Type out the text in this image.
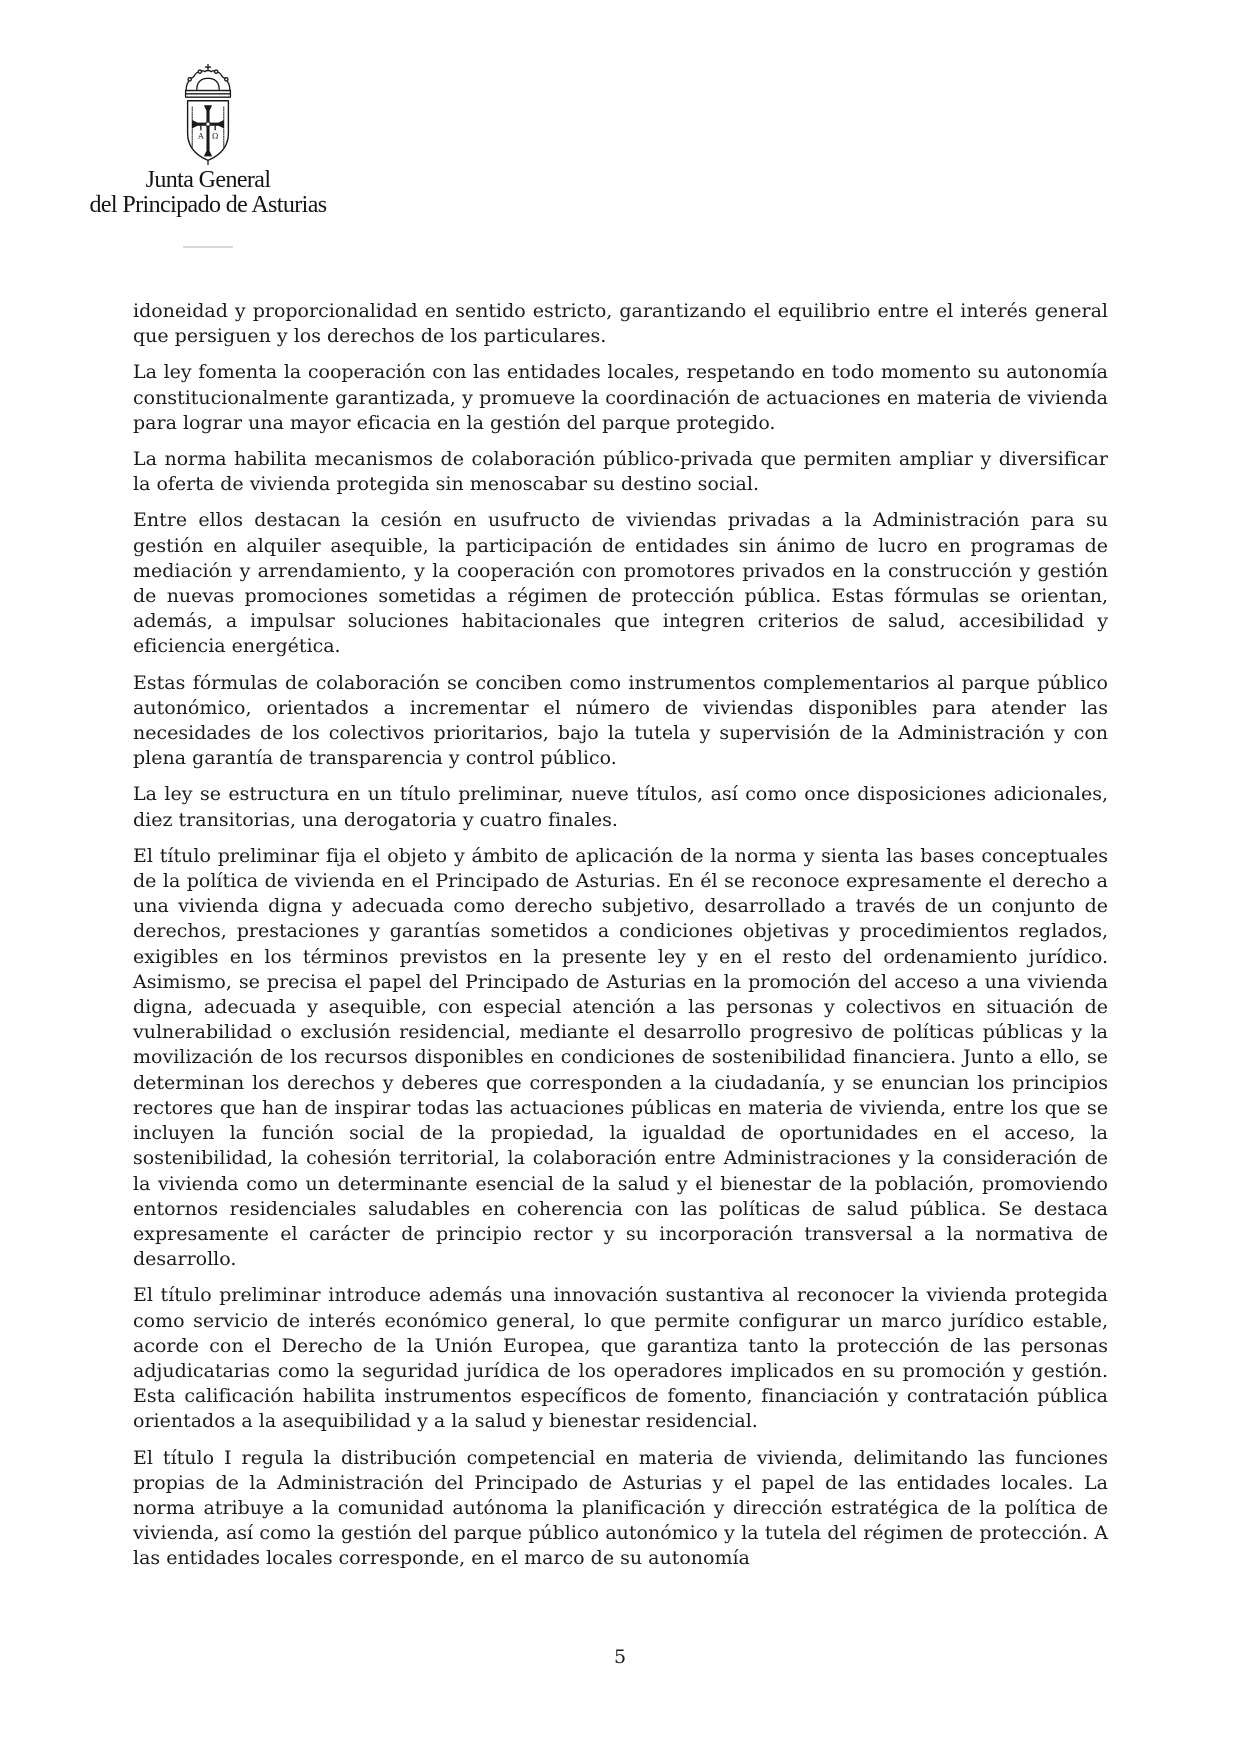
Α Ω
Junta General
del Principado de Asturias

idoneidad y proporcionalidad en sentido estricto, garantizando el equilibrio entre el interés general que persiguen y los derechos de los particulares.

La ley fomenta la cooperación con las entidades locales, respetando en todo momento su autonomía constitucionalmente garantizada, y promueve la coordinación de actuaciones en materia de vivienda para lograr una mayor eficacia en la gestión del parque protegido.

La norma habilita mecanismos de colaboración público-privada que permiten ampliar y diversificar la oferta de vivienda protegida sin menoscabar su destino social.

Entre ellos destacan la cesión en usufructo de viviendas privadas a la Administración para su gestión en alquiler asequible, la participación de entidades sin ánimo de lucro en programas de mediación y arrendamiento, y la cooperación con promotores privados en la construcción y gestión de nuevas promociones sometidas a régimen de protección pública. Estas fórmulas se orientan, además, a impulsar soluciones habitacionales que integren criterios de salud, accesibilidad y eficiencia energética.

Estas fórmulas de colaboración se conciben como instrumentos complementarios al parque público autonómico, orientados a incrementar el número de viviendas disponibles para atender las necesidades de los colectivos prioritarios, bajo la tutela y supervisión de la Administración y con plena garantía de transparencia y control público.

La ley se estructura en un título preliminar, nueve títulos, así como once disposiciones adicionales, diez transitorias, una derogatoria y cuatro finales.

El título preliminar fija el objeto y ámbito de aplicación de la norma y sienta las bases conceptuales de la política de vivienda en el Principado de Asturias. En él se reconoce expresamente el derecho a una vivienda digna y adecuada como derecho subjetivo, desarrollado a través de un conjunto de derechos, prestaciones y garantías sometidos a condiciones objetivas y procedimientos reglados, exigibles en los términos previstos en la presente ley y en el resto del ordenamiento jurídico. Asimismo, se precisa el papel del Principado de Asturias en la promoción del acceso a una vivienda digna, adecuada y asequible, con especial atención a las personas y colectivos en situación de vulnerabilidad o exclusión residencial, mediante el desarrollo progresivo de políticas públicas y la movilización de los recursos disponibles en condiciones de sostenibilidad financiera. Junto a ello, se determinan los derechos y deberes que corresponden a la ciudadanía, y se enuncian los principios rectores que han de inspirar todas las actuaciones públicas en materia de vivienda, entre los que se incluyen la función social de la propiedad, la igualdad de oportunidades en el acceso, la sostenibilidad, la cohesión territorial, la colaboración entre Administraciones y la consideración de la vivienda como un determinante esencial de la salud y el bienestar de la población, promoviendo entornos residenciales saludables en coherencia con las políticas de salud pública. Se destaca expresamente el carácter de principio rector y su incorporación transversal a la normativa de desarrollo.

El título preliminar introduce además una innovación sustantiva al reconocer la vivienda protegida como servicio de interés económico general, lo que permite configurar un marco jurídico estable, acorde con el Derecho de la Unión Europea, que garantiza tanto la protección de las personas adjudicatarias como la seguridad jurídica de los operadores implicados en su promoción y gestión. Esta calificación habilita instrumentos específicos de fomento, financiación y contratación pública orientados a la asequibilidad y a la salud y bienestar residencial.

El título I regula la distribución competencial en materia de vivienda, delimitando las funciones propias de la Administración del Principado de Asturias y el papel de las entidades locales. La norma atribuye a la comunidad autónoma la planificación y dirección estratégica de la política de vivienda, así como la gestión del parque público autonómico y la tutela del régimen de protección. A las entidades locales corresponde, en el marco de su autonomía

5
